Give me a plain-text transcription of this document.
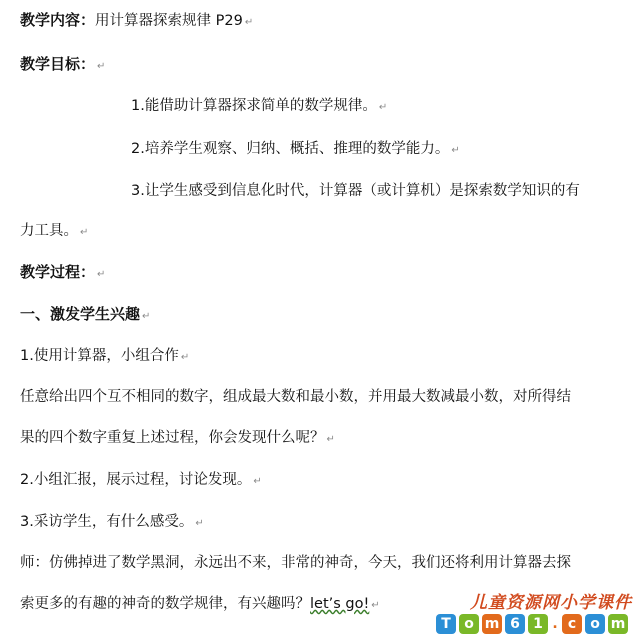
教学内容：用计算器探索规律 P29 ↵
教学目标： ↵
1.能借助计算器探求简单的数学规律。 ↵
2.培养学生观察、归纳、概括、推理的数学能力。 ↵
3.让学生感受到信息化时代，计算器（或计算机）是探索数学知识的有
力工具。 ↵
教学过程： ↵
一、激发学生兴趣 ↵
1.使用计算器，小组合作 ↵
任意给出四个互不相同的数字，组成最大数和最小数，并用最大数减最小数，对所得结
果的四个数字重复上述过程，你会发现什么呢？ ↵
2.小组汇报，展示过程，讨论发现。 ↵
3.采访学生，有什么感受。 ↵
师：仿佛掉进了数学黑洞，永远出不来，非常的神奇，今天，我们还将利用计算器去探
索更多的有趣的神奇的数学规律，有兴趣吗？let’s go! ↵	儿童资源网小学课件
T o m 6 1 . c	o m
